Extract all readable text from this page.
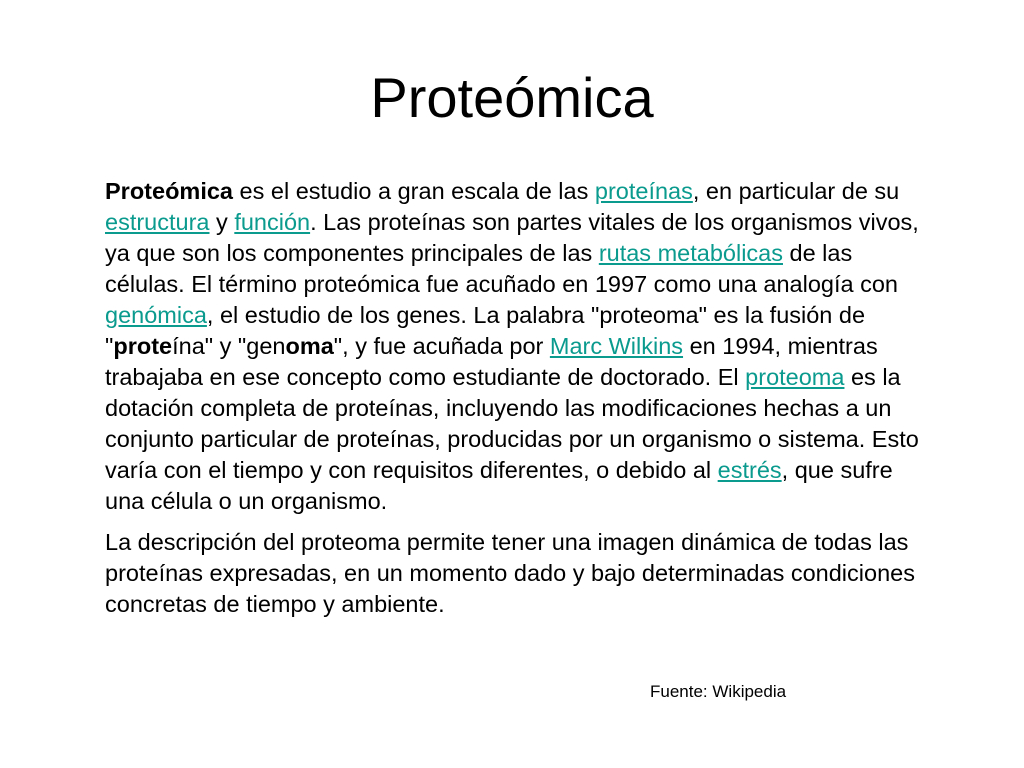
Proteómica

Proteómica es el estudio a gran escala de las proteínas, en particular de su estructura y función. Las proteínas son partes vitales de los organismos vivos, ya que son los componentes principales de las rutas metabólicas de las células. El término proteómica fue acuñado en 1997 como una analogía con genómica, el estudio de los genes. La palabra "proteoma" es la fusión de "proteína" y "genoma", y fue acuñada por Marc Wilkins en 1994, mientras trabajaba en ese concepto como estudiante de doctorado. El proteoma es la dotación completa de proteínas, incluyendo las modificaciones hechas a un conjunto particular de proteínas, producidas por un organismo o sistema. Esto varía con el tiempo y con requisitos diferentes, o debido al estrés, que sufre una célula o un organismo.

La descripción del proteoma permite tener una imagen dinámica de todas las proteínas expresadas, en un momento dado y bajo determinadas condiciones concretas de tiempo y ambiente.

Fuente: Wikipedia
